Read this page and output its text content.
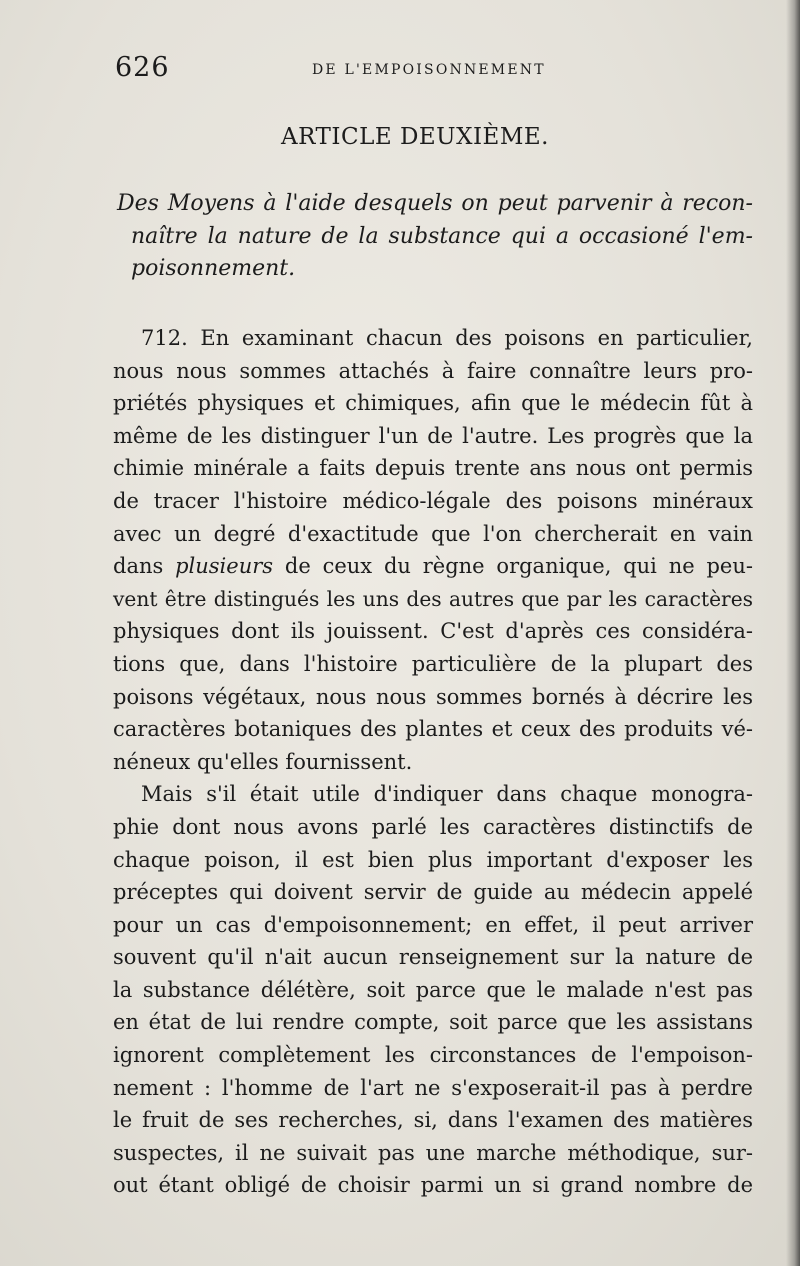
626	DE L'EMPOISONNEMENT
ARTICLE DEUXIÈME.

Des Moyens à l'aide desquels on peut parvenir à recon-
naître la nature de la substance qui a occasioné l'em-
poisonnement.

712. En examinant chacun des poisons en particulier,
nous nous sommes attachés à faire connaître leurs pro-
priétés physiques et chimiques, afin que le médecin fût à
même de les distinguer l'un de l'autre. Les progrès que la
chimie minérale a faits depuis trente ans nous ont permis
de tracer l'histoire médico-légale des poisons minéraux
avec un degré d'exactitude que l'on chercherait en vain
dans plusieurs de ceux du règne organique, qui ne peu-
vent être distingués les uns des autres que par les caractères
physiques dont ils jouissent. C'est d'après ces considéra-
tions que, dans l'histoire particulière de la plupart des
poisons végétaux, nous nous sommes bornés à décrire les
caractères botaniques des plantes et ceux des produits vé-
néneux qu'elles fournissent.
Mais s'il était utile d'indiquer dans chaque monogra-
phie dont nous avons parlé les caractères distinctifs de
chaque poison, il est bien plus important d'exposer les
préceptes qui doivent servir de guide au médecin appelé
pour un cas d'empoisonnement; en effet, il peut arriver
souvent qu'il n'ait aucun renseignement sur la nature de
la substance délétère, soit parce que le malade n'est pas
en état de lui rendre compte, soit parce que les assistans
ignorent complètement les circonstances de l'empoison-
nement : l'homme de l'art ne s'exposerait-il pas à perdre
le fruit de ses recherches, si, dans l'examen des matières
suspectes, il ne suivait pas une marche méthodique, sur-
out étant obligé de choisir parmi un si grand nombre de
